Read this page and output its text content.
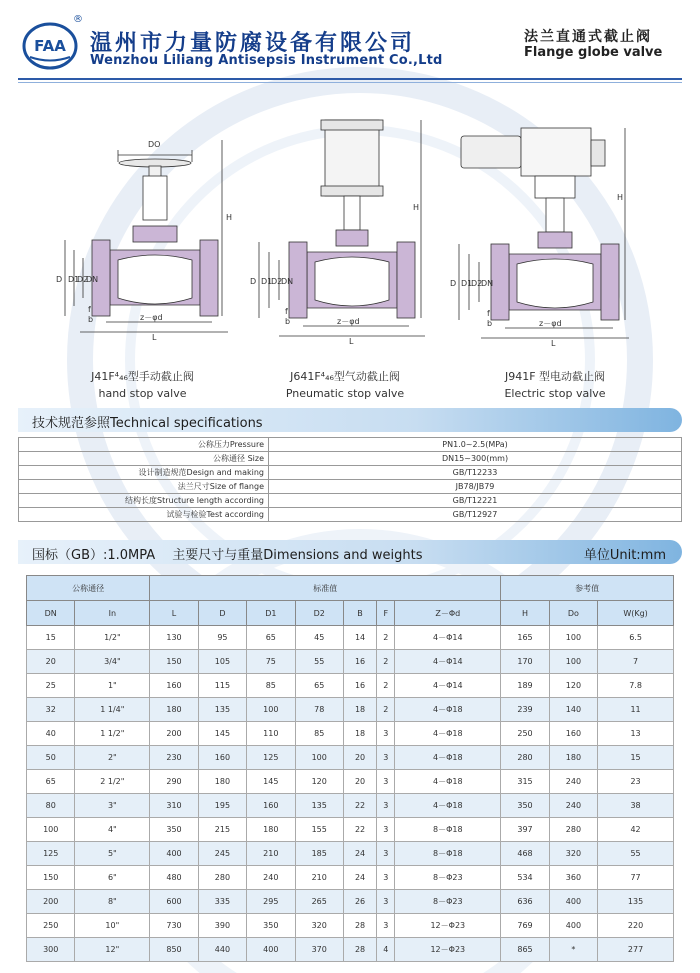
FAA
®
温州市力量防腐设备有限公司
Wenzhou Liliang Antisepsis Instrument Co.,Ltd
法兰直通式截止阀
Flange globe valve
DO
H
D D1
D2
DN
f
b	z－φd
L
J41F⁴₄₆型手动截止阀
hand stop valve
H
D D1
D2
DN
f
b	z－φd
L
J641F⁴₄₆型气动截止阀
Pneumatic stop valve
H
D D1
D2
DN
f
b	z－φd
L
J941F 型电动截止阀
Electric stop valve
技术规范参照Technical specifications
公称压力Pressure	PN1.0~2.5(MPa)
公称通径 Size	DN15~300(mm)
设计制造规范Design and making	GB/T12233
法兰尺寸Size of flange	JB78/JB79
结构长度Structure length according	GB/T12221
试验与检验Test according	GB/T12927
国标（GB）:1.0MPA　 主要尺寸与重量Dimensions and weights	单位Unit:mm
公称通径		标准值							参考值		
DN	In	L	D	D1	D2	B	F	Z－Φd	H	Do	W(Kg)
15	1/2"	130	95	65	45	14	2	4－Φ14	165	100	6.5
20	3/4"	150	105	75	55	16	2	4－Φ14	170	100	7
25	1"	160	115	85	65	16	2	4－Φ14	189	120	7.8
32	1 1/4"	180	135	100	78	18	2	4－Φ18	239	140	11
40	1 1/2"	200	145	110	85	18	3	4－Φ18	250	160	13
50	2"	230	160	125	100	20	3	4－Φ18	280	180	15
65	2 1/2"	290	180	145	120	20	3	4－Φ18	315	240	23
80	3"	310	195	160	135	22	3	4－Φ18	350	240	38
100	4"	350	215	180	155	22	3	8－Φ18	397	280	42
125	5"	400	245	210	185	24	3	8－Φ18	468	320	55
150	6"	480	280	240	210	24	3	8－Φ23	534	360	77
200	8"	600	335	295	265	26	3	8－Φ23	636	400	135
250	10"	730	390	350	320	28	3	12－Φ23	769	400	220
300	12"	850	440	400	370	28	4	12－Φ23	865	*	277
